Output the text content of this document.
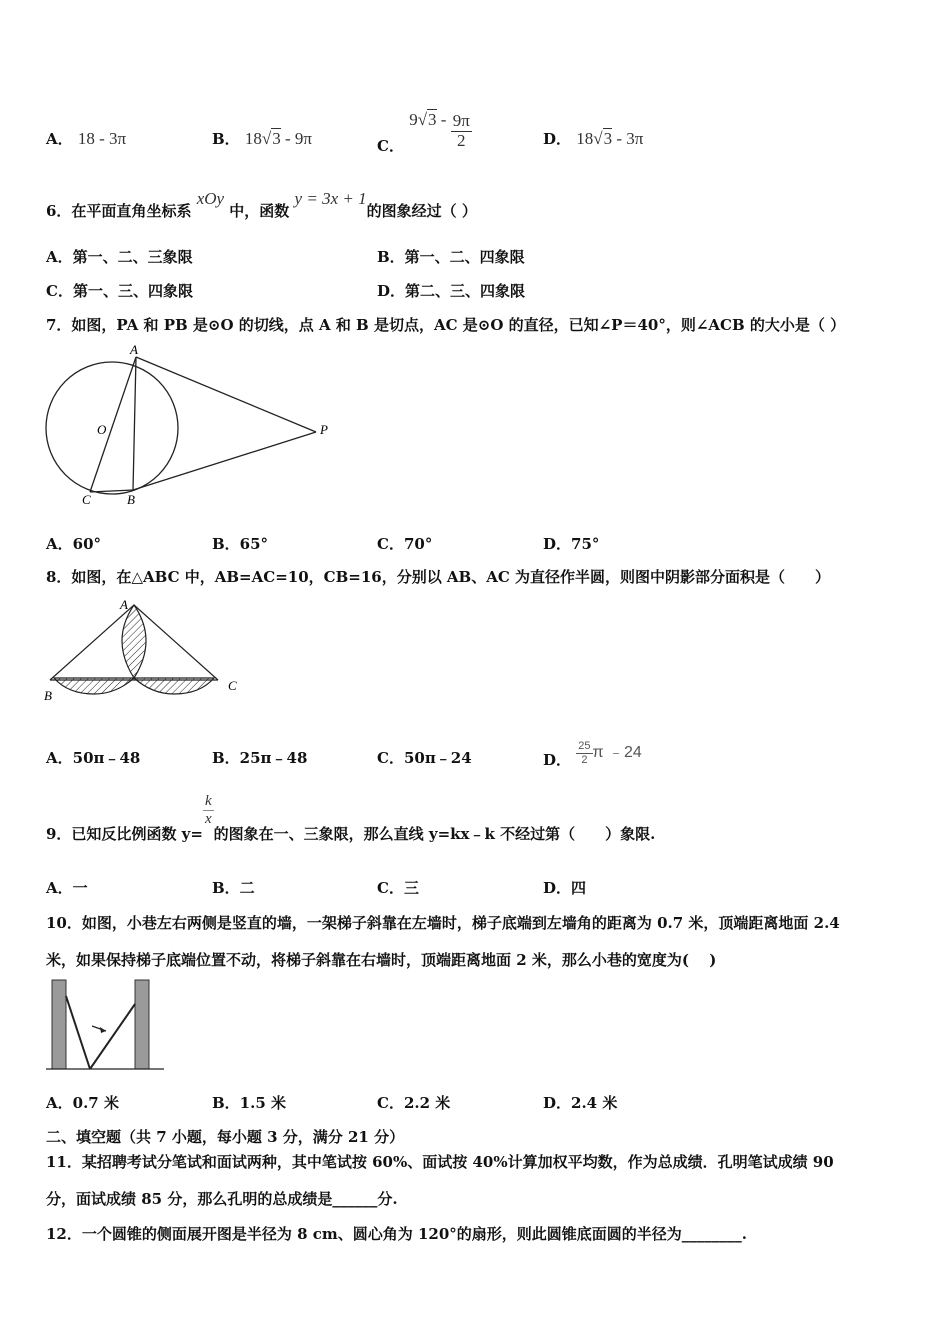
A． 18 - 3π	B． 18√3 - 9π	C． $9√3 - \frac{9\pi}{2}$	D． 18√3 - 3π
6．在平面直角坐标系 xOy 中，函数 y = 3x + 1的图象经过（ ）
A．第一、二、三象限	B．第一、二、四象限
C．第一、三、四象限	D．第二、三、四象限
7．如图，PA 和 PB 是⊙O 的切线，点 A 和 B 是切点，AC 是⊙O 的直径，已知∠P＝40°，则∠ACB 的大小是（ ）
A
O	P
C	B
A．60°	B．65°	C．70°	D．75°
8．如图，在△ABC 中，AB=AC=10，CB=16，分别以 AB、AC 为直径作半圆，则图中阴影部分面积是（　　）
A
B
C
A．50π﹣48	B．25π﹣48	C．50π﹣24	D． $\frac{25}{2}$ π ﹣24
9．已知反比例函数 y=
$\frac{k}{x}$
的图象在一、三象限，那么直线 y=kx﹣k 不经过第（　　）象限.
A．一	B．二	C．三	D．四
10．如图，小巷左右两侧是竖直的墙，一架梯子斜靠在左墙时，梯子底端到左墙角的距离为 0.7 米，顶端距离地面 2.4
米，如果保持梯子底端位置不动，将梯子斜靠在右墙时，顶端距离地面 2 米，那么小巷的宽度为(　 )
A．0.7 米	B．1.5 米	C．2.2 米	D．2.4 米
二、填空题（共 7 小题，每小题 3 分，满分 21 分）
11．某招聘考试分笔试和面试两种，其中笔试按 60%、面试按 40%计算加权平均数，作为总成绩．孔明笔试成绩 90
分，面试成绩 85 分，那么孔明的总成绩是______分.
12．一个圆锥的侧面展开图是半径为 8 cm、圆心角为 120°的扇形，则此圆锥底面圆的半径为________.
